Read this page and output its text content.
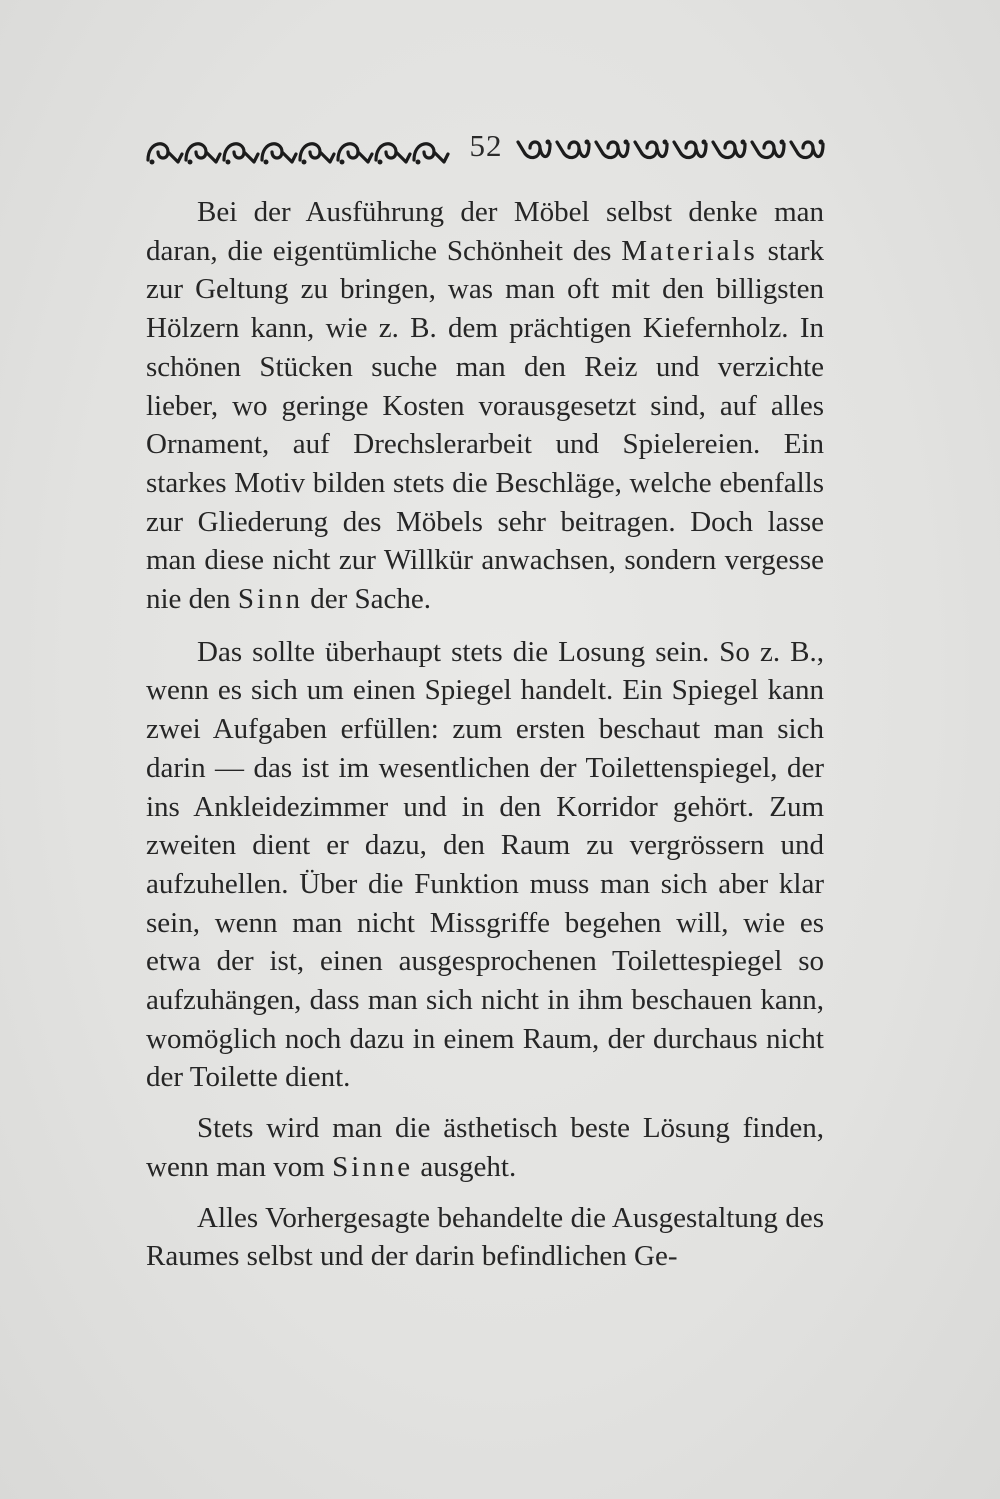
52

Bei der Ausführung der Möbel selbst denke man daran, die eigentümliche Schönheit des Materials stark zur Geltung zu bringen, was man oft mit den billigsten Hölzern kann, wie z. B. dem prächtigen Kiefernholz. In schönen Stücken suche man den Reiz und verzichte lieber, wo geringe Kosten vorausgesetzt sind, auf alles Ornament, auf Drechslerarbeit und Spielereien. Ein starkes Motiv bilden stets die Beschläge, welche ebenfalls zur Gliederung des Möbels sehr beitragen. Doch lasse man diese nicht zur Willkür anwachsen, sondern vergesse nie den Sinn der Sache.

Das sollte überhaupt stets die Losung sein. So z. B., wenn es sich um einen Spiegel handelt. Ein Spiegel kann zwei Aufgaben erfüllen: zum ersten beschaut man sich darin — das ist im wesentlichen der Toilettenspiegel, der ins Ankleidezimmer und in den Korridor gehört. Zum zweiten dient er dazu, den Raum zu vergrössern und aufzuhellen. Über die Funktion muss man sich aber klar sein, wenn man nicht Missgriffe begehen will, wie es etwa der ist, einen ausgesprochenen Toilettespiegel so aufzuhängen, dass man sich nicht in ihm beschauen kann, womöglich noch dazu in einem Raum, der durchaus nicht der Toilette dient.

Stets wird man die ästhetisch beste Lösung finden, wenn man vom Sinne ausgeht.

Alles Vorhergesagte behandelte die Ausgestaltung des Raumes selbst und der darin befindlichen Ge-
